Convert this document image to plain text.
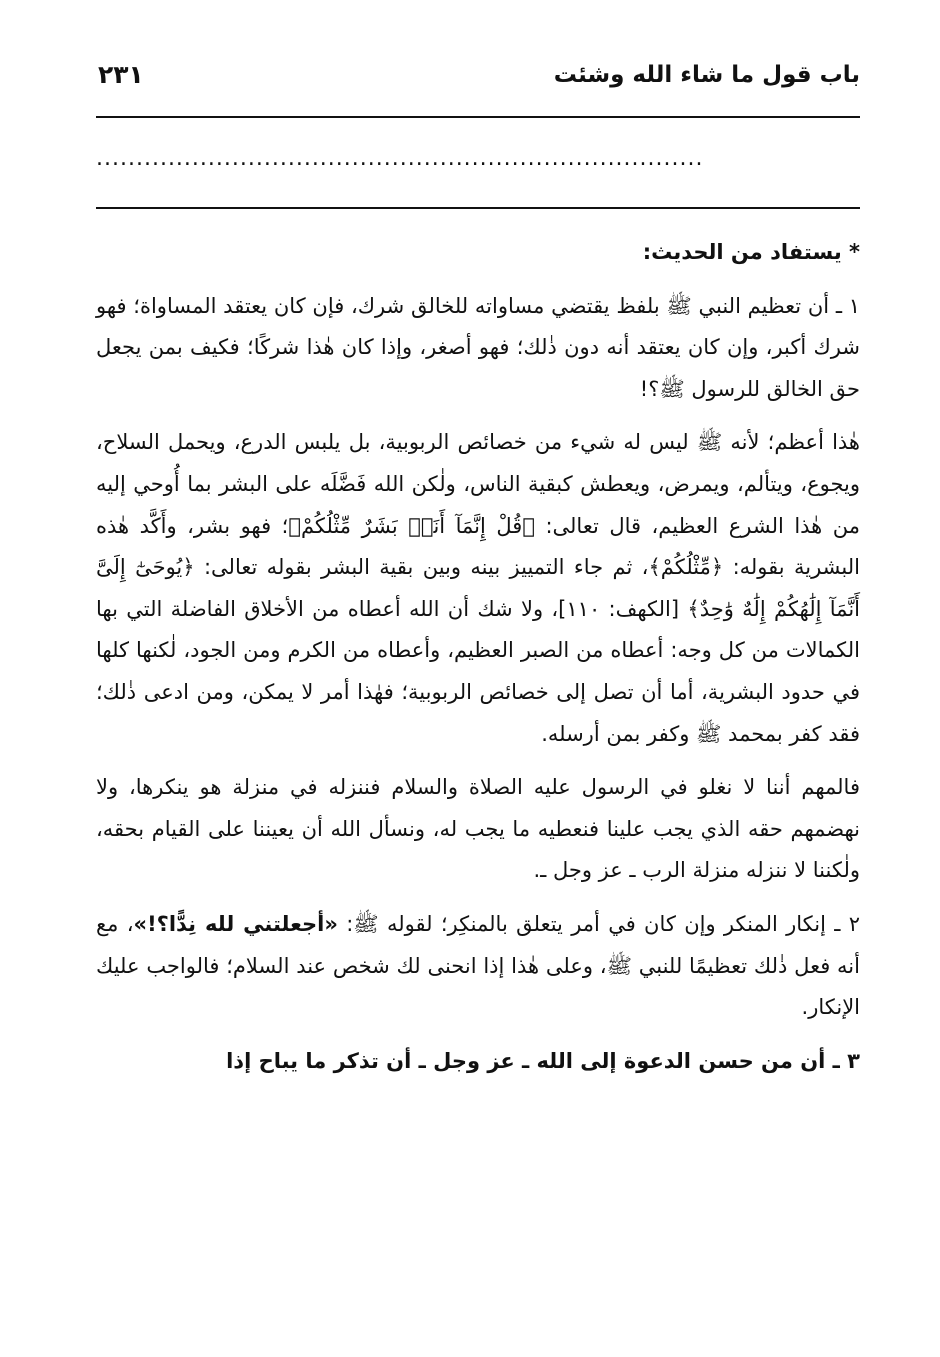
باب قول ما شاء الله وشئت
٢٣١
............................................................................

* يستفاد من الحديث:

١ ـ أن تعظيم النبي ﷺ بلفظ يقتضي مساواته للخالق شرك، فإن كان يعتقد المساواة؛ فهو شرك أكبر، وإن كان يعتقد أنه دون ذٰلك؛ فهو أصغر، وإذا كان هٰذا شركًا؛ فكيف بمن يجعل حق الخالق للرسول ﷺ؟!

هٰذا أعظم؛ لأنه ﷺ ليس له شيء من خصائص الربوبية، بل يلبس الدرع، ويحمل السلاح، ويجوع، ويتألم، ويمرض، ويعطش كبقية الناس، ولٰكن الله فَضَّلَه على البشر بما أُوحي إليه من هٰذا الشرع العظيم، قال تعالى: ﴿قُلْ إِنَّمَآ أَنَا۠ بَشَرٌ مِّثْلُكُمْ﴾؛ فهو بشر، وأَكَّد هٰذه البشرية بقوله: ﴿مِّثْلُكُمْ﴾، ثم جاء التمييز بينه وبين بقية البشر بقوله تعالى: ﴿يُوحَىٰٓ إِلَىَّ أَنَّمَآ إِلَٰهُكُمْ إِلَٰهٌ وَٰحِدٌ﴾ [الكهف: ١١٠]، ولا شك أن الله أعطاه من الأخلاق الفاضلة التي بها الكمالات من كل وجه: أعطاه من الصبر العظيم، وأعطاه من الكرم ومن الجود، لٰكنها كلها في حدود البشرية، أما أن تصل إلى خصائص الربوبية؛ فهٰذا أمر لا يمكن، ومن ادعى ذٰلك؛ فقد كفر بمحمد ﷺ وكفر بمن أرسله.

فالمهم أننا لا نغلو في الرسول عليه الصلاة والسلام فننزله في منزلة هو ينكرها، ولا نهضمهم حقه الذي يجب علينا فنعطيه ما يجب له، ونسأل الله أن يعيننا على القيام بحقه، ولٰكننا لا ننزله منزلة الرب ـ عز وجل ـ.

٢ ـ إنكار المنكر وإن كان في أمر يتعلق بالمنكِر؛ لقوله ﷺ: «أجعلتني لله نِدًّا؟!»، مع أنه فعل ذٰلك تعظيمًا للنبي ﷺ، وعلى هٰذا إذا انحنى لك شخص عند السلام؛ فالواجب عليك الإنكار.

٣ ـ أن من حسن الدعوة إلى الله ـ عز وجل ـ أن تذكر ما يباح إذا
